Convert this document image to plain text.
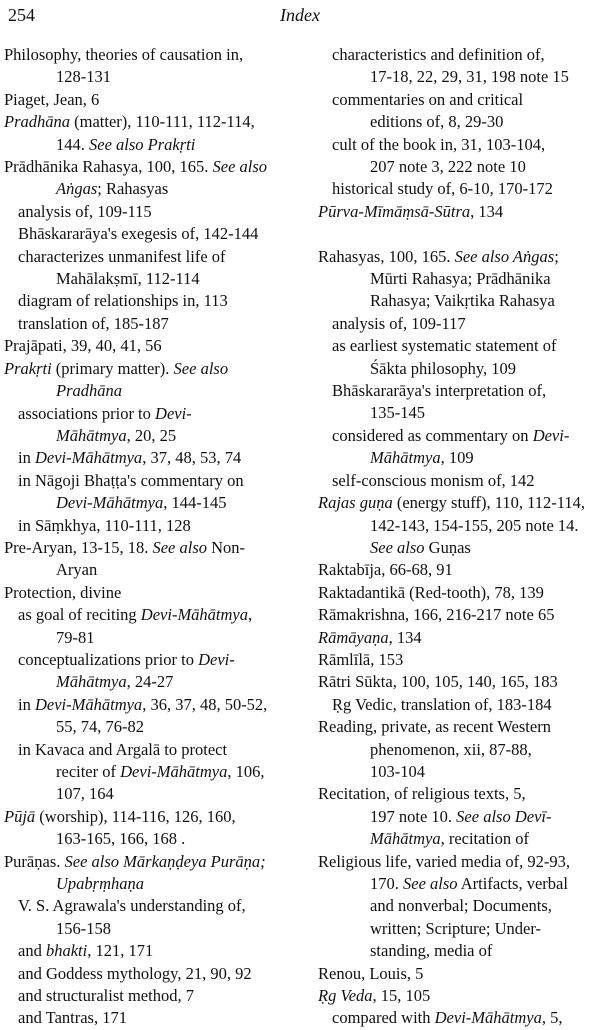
254	Index
Philosophy, theories of causation in,
128-131
Piaget, Jean, 6
Pradhāna (matter), 110-111, 112-114,
144. See also Prakṛti
Prādhānika Rahasya, 100, 165. See also
Aṅgas; Rahasyas
analysis of, 109-115
Bhāskararāya's exegesis of, 142-144
characterizes unmanifest life of
Mahālakṣmī, 112-114
diagram of relationships in, 113
translation of, 185-187
Prajāpati, 39, 40, 41, 56
Prakṛti (primary matter). See also
Pradhāna
associations prior to Devi-
Māhātmya, 20, 25
in Devi-Māhātmya, 37, 48, 53, 74
in Nāgoji Bhaṭṭa's commentary on
Devi-Māhātmya, 144-145
in Sāṃkhya, 110-111, 128
Pre-Aryan, 13-15, 18. See also Non-
Aryan
Protection, divine
as goal of reciting Devi-Māhātmya,
79-81
conceptualizations prior to Devi-
Māhātmya, 24-27
in Devi-Māhātmya, 36, 37, 48, 50-52,
55, 74, 76-82
in Kavaca and Argalā to protect
reciter of Devi-Māhātmya, 106,
107, 164
Pūjā (worship), 114-116, 126, 160,
163-165, 166, 168 .
Purāṇas. See also Mārkaṇḍeya Purāṇa;
Upabṛṃhaṇa
V. S. Agrawala's understanding of,
156-158
and bhakti, 121, 171
and Goddess mythology, 21, 90, 92
and structuralist method, 7
and Tantras, 171
characteristics and definition of,
17-18, 22, 29, 31, 198 note 15
commentaries on and critical
editions of, 8, 29-30
cult of the book in, 31, 103-104,
207 note 3, 222 note 10
historical study of, 6-10, 170-172
Pūrva-Mīmāṃsā-Sūtra, 134
Rahasyas, 100, 165. See also Aṅgas;
Mūrti Rahasya; Prādhānika
Rahasya; Vaikṛtika Rahasya
analysis of, 109-117
as earliest systematic statement of
Śākta philosophy, 109
Bhāskararāya's interpretation of,
135-145
considered as commentary on Devi-
Māhātmya, 109
self-conscious monism of, 142
Rajas guṇa (energy stuff), 110, 112-114,
142-143, 154-155, 205 note 14.
See also Guṇas
Raktabīja, 66-68, 91
Raktadantikā (Red-tooth), 78, 139
Rāmakrishna, 166, 216-217 note 65
Rāmāyaṇa, 134
Rāmlīlā, 153
Rātri Sūkta, 100, 105, 140, 165, 183
Ṛg Vedic, translation of, 183-184
Reading, private, as recent Western
phenomenon, xii, 87-88,
103-104
Recitation, of religious texts, 5,
197 note 10. See also Devī-
Māhātmya, recitation of
Religious life, varied media of, 92-93,
170. See also Artifacts, verbal
and nonverbal; Documents,
written; Scripture; Under-
standing, media of
Renou, Louis, 5
Ṛg Veda, 15, 105
compared with Devi-Māhātmya, 5,
